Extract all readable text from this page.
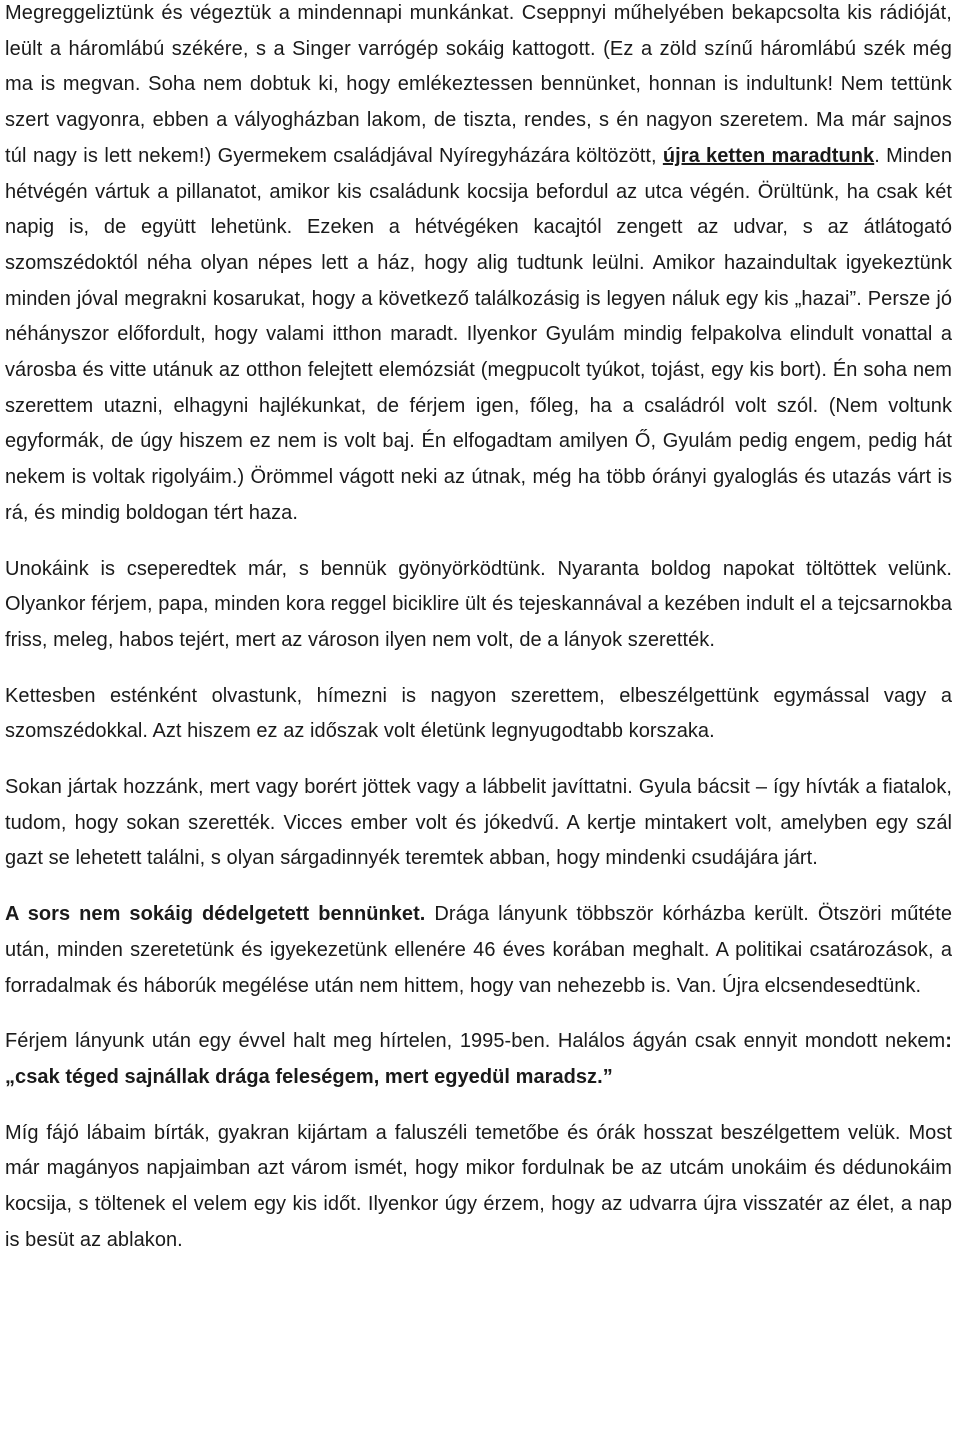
Megreggeliztünk és végeztük a mindennapi munkánkat. Cseppnyi műhelyében bekapcsolta kis rádióját, leült a háromlábú székére, s a Singer varrógép sokáig kattogott. (Ez a zöld színű háromlábú szék még ma is megvan. Soha nem dobtuk ki, hogy emlékeztessen bennünket, honnan is indultunk! Nem tettünk szert vagyonra, ebben a vályogházban lakom, de tiszta, rendes, s én nagyon szeretem. Ma már sajnos túl nagy is lett nekem!) Gyermekem családjával Nyíregyházára költözött, újra ketten maradtunk. Minden hétvégén vártuk a pillanatot, amikor kis családunk kocsija befordul az utca végén. Örültünk, ha csak két napig is, de együtt lehetünk. Ezeken a hétvégéken kacajtól zengett az udvar, s az átlátogató szomszédoktól néha olyan népes lett a ház, hogy alig tudtunk leülni. Amikor hazaindultak igyekeztünk minden jóval megrakni kosarukat, hogy a következő találkozásig is legyen náluk egy kis „hazai”. Persze jó néhányszor előfordult, hogy valami itthon maradt. Ilyenkor Gyulám mindig felpakolva elindult vonattal a városba és vitte utánuk az otthon felejtett elemózsiát (megpucolt tyúkot, tojást, egy kis bort). Én soha nem szerettem utazni, elhagyni hajlékunkat, de férjem igen, főleg, ha a családról volt szól. (Nem voltunk egyformák, de úgy hiszem ez nem is volt baj. Én elfogadtam amilyen Ő, Gyulám pedig engem, pedig hát nekem is voltak rigolyáim.) Örömmel vágott neki az útnak, még ha több órányi gyaloglás és utazás várt is rá, és mindig boldogan tért haza.

Unokáink is cseperedtek már, s bennük gyönyörködtünk. Nyaranta boldog napokat töltöttek velünk. Olyankor férjem, papa, minden kora reggel biciklire ült és tejeskannával a kezében indult el a tejcsarnokba friss, meleg, habos tejért, mert az városon ilyen nem volt, de a lányok szerették.

Kettesben esténként olvastunk, hímezni is nagyon szerettem, elbeszélgettünk egymással vagy a szomszédokkal. Azt hiszem ez az időszak volt életünk legnyugodtabb korszaka.

Sokan jártak hozzánk, mert vagy borért jöttek vagy a lábbelit javíttatni. Gyula bácsit – így hívták a fiatalok, tudom, hogy sokan szerették. Vicces ember volt és jókedvű. A kertje mintakert volt, amelyben egy szál gazt se lehetett találni, s olyan sárgadinnyék teremtek abban, hogy mindenki csudájára járt.

A sors nem sokáig dédelgetett bennünket. Drága lányunk többször kórházba került. Ötszöri műtéte után, minden szeretetünk és igyekezetünk ellenére 46 éves korában meghalt. A politikai csatározások, a forradalmak és háborúk megélése után nem hittem, hogy van nehezebb is. Van. Újra elcsendesedtünk.

Férjem lányunk után egy évvel halt meg hírtelen, 1995-ben. Halálos ágyán csak ennyit mondott nekem: „csak téged sajnállak drága feleségem, mert egyedül maradsz.”

Míg fájó lábaim bírták, gyakran kijártam a faluszéli temetőbe és órák hosszat beszélgettem velük. Most már magányos napjaimban azt várom ismét, hogy mikor fordulnak be az utcám unokáim és dédunokáim kocsija, s töltenek el velem egy kis időt. Ilyenkor úgy érzem, hogy az udvarra újra visszatér az élet, a nap is besüt az ablakon.
